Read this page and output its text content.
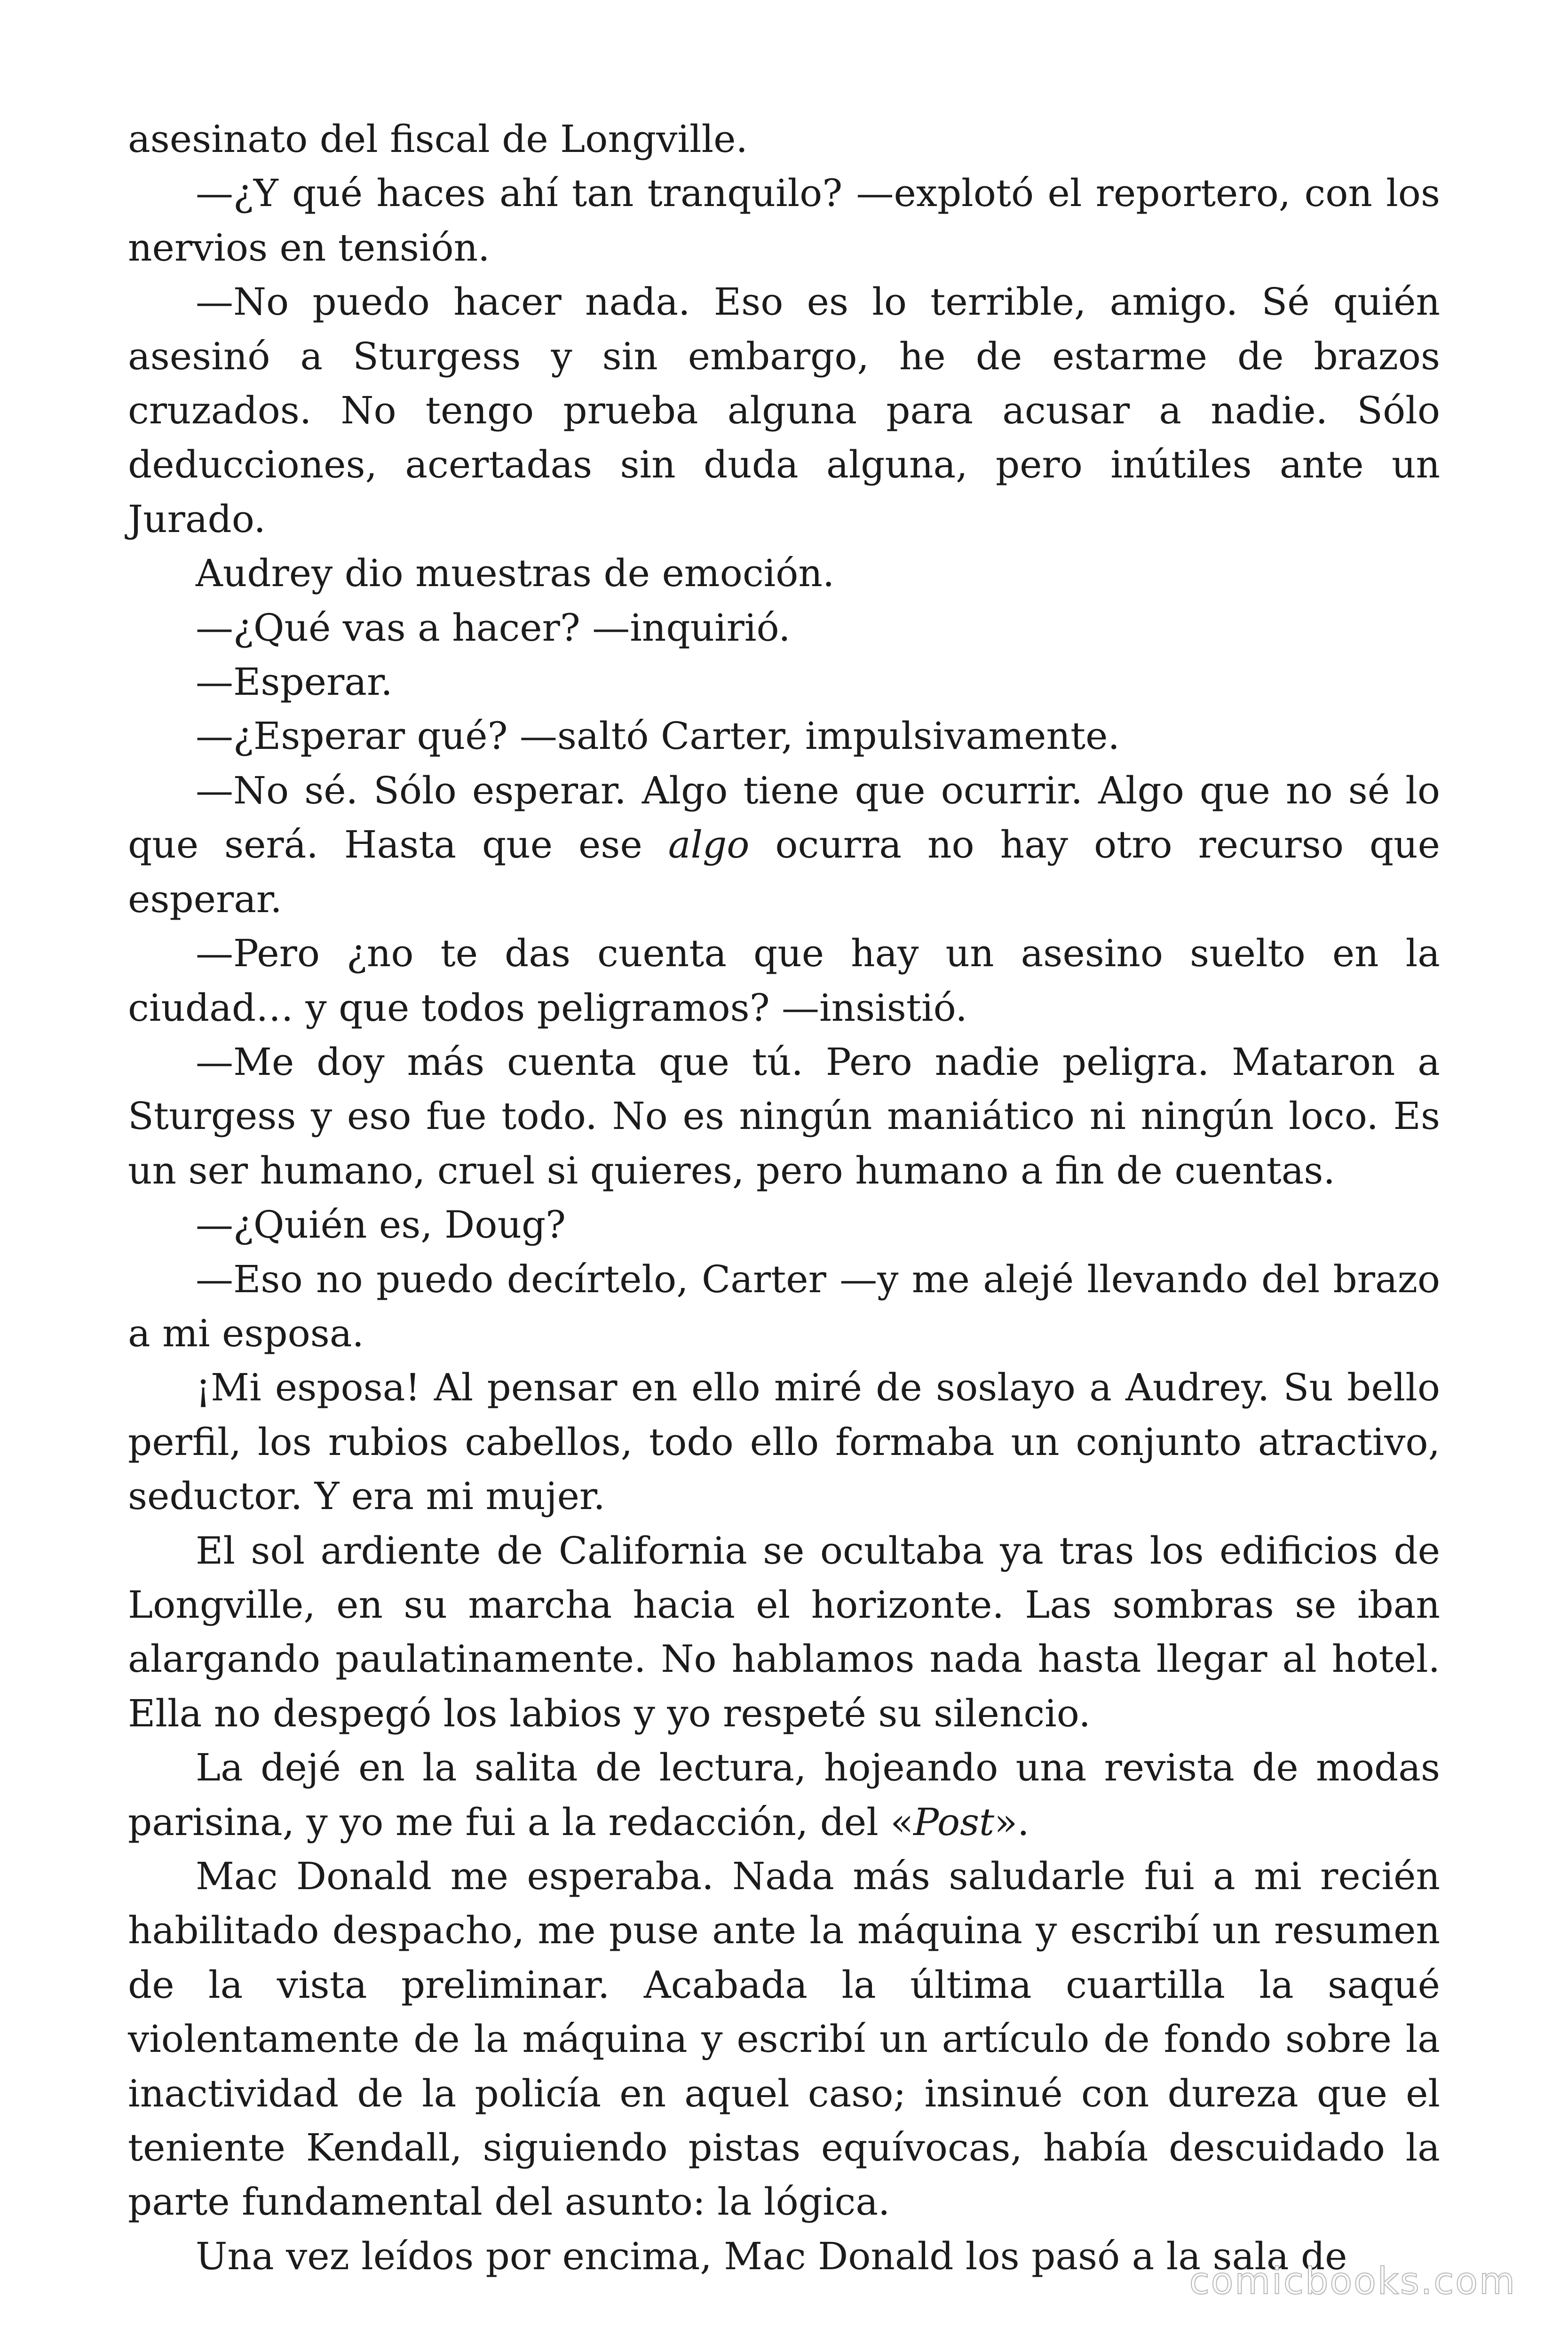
asesinato del fiscal de Longville.

—¿Y qué haces ahí tan tranquilo? —explotó el reportero, con los nervios en tensión.

—No puedo hacer nada. Eso es lo terrible, amigo. Sé quién asesinó a Sturgess y sin embargo, he de estarme de brazos cruzados. No tengo prueba alguna para acusar a nadie. Sólo deducciones, acertadas sin duda alguna, pero inútiles ante un Jurado.

Audrey dio muestras de emoción.

—¿Qué vas a hacer? —inquirió.

—Esperar.

—¿Esperar qué? —saltó Carter, impulsivamente.

—No sé. Sólo esperar. Algo tiene que ocurrir. Algo que no sé lo que será. Hasta que ese algo ocurra no hay otro recurso que esperar.

—Pero ¿no te das cuenta que hay un asesino suelto en la ciudad… y que todos peligramos? —insistió.

—Me doy más cuenta que tú. Pero nadie peligra. Mataron a Sturgess y eso fue todo. No es ningún maniático ni ningún loco. Es un ser humano, cruel si quieres, pero humano a fin de cuentas.

—¿Quién es, Doug?

—Eso no puedo decírtelo, Carter —y me alejé llevando del brazo a mi esposa.

¡Mi esposa! Al pensar en ello miré de soslayo a Audrey. Su bello perfil, los rubios cabellos, todo ello formaba un conjunto atractivo, seductor. Y era mi mujer.

El sol ardiente de California se ocultaba ya tras los edificios de Longville, en su marcha hacia el horizonte. Las sombras se iban alargando paulatinamente. No hablamos nada hasta llegar al hotel. Ella no despegó los labios y yo respeté su silencio.

La dejé en la salita de lectura, hojeando una revista de modas parisina, y yo me fui a la redacción, del «Post».

Mac Donald me esperaba. Nada más saludarle fui a mi recién habilitado despacho, me puse ante la máquina y escribí un resumen de la vista preliminar. Acabada la última cuartilla la saqué violentamente de la máquina y escribí un artículo de fondo sobre la inactividad de la policía en aquel caso; insinué con dureza que el teniente Kendall, siguiendo pistas equívocas, había descuidado la parte fundamental del asunto: la lógica.

Una vez leídos por encima, Mac Donald los pasó a la sala de

comicbooks.com
